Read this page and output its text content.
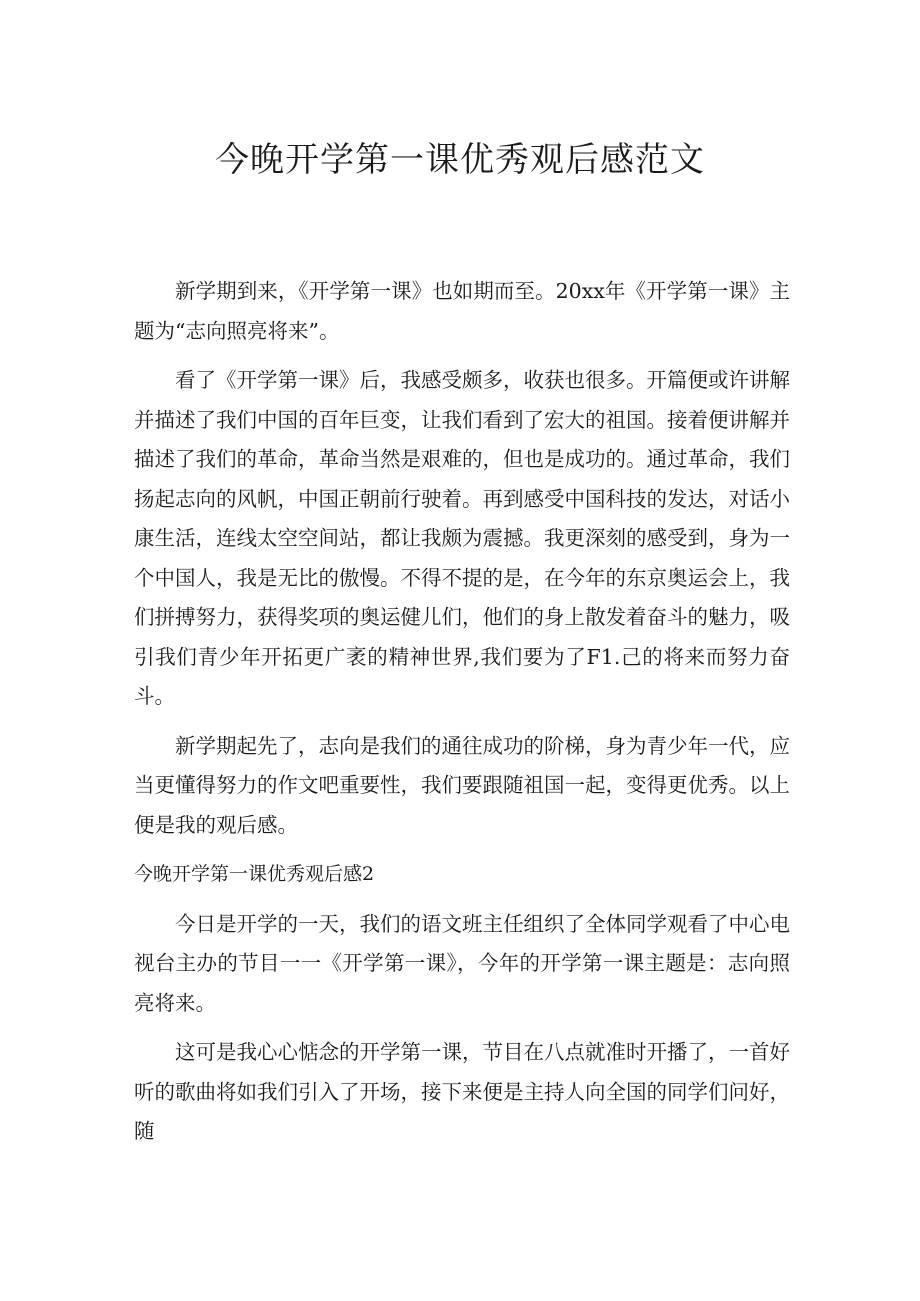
今晚开学第一课优秀观后感范文

新学期到来，《开学第一课》也如期而至。20xx年《开学第一课》主题为“志向照亮将来”。

看了《开学第一课》后，我感受颇多，收获也很多。开篇便或许讲解并描述了我们中国的百年巨变，让我们看到了宏大的祖国。接着便讲解并描述了我们的革命，革命当然是艰难的，但也是成功的。通过革命，我们扬起志向的风帆，中国正朝前行驶着。再到感受中国科技的发达，对话小康生活，连线太空空间站，都让我颇为震撼。我更深刻的感受到，身为一个中国人，我是无比的傲慢。不得不提的是，在今年的东京奥运会上，我们拼搏努力，获得奖项的奥运健儿们，他们的身上散发着奋斗的魅力，吸引我们青少年开拓更广袤的精神世界,我们要为了F1.己的将来而努力奋斗。

新学期起先了，志向是我们的通往成功的阶梯，身为青少年一代，应当更懂得努力的作文吧重要性，我们要跟随祖国一起，变得更优秀。以上便是我的观后感。

今晚开学第一课优秀观后感2

今日是开学的一天，我们的语文班主任组织了全体同学观看了中心电视台主办的节目一一《开学第一课》，今年的开学第一课主题是：志向照亮将来。

这可是我心心惦念的开学第一课，节目在八点就准时开播了，一首好听的歌曲将如我们引入了开场，接下来便是主持人向全国的同学们问好，随
